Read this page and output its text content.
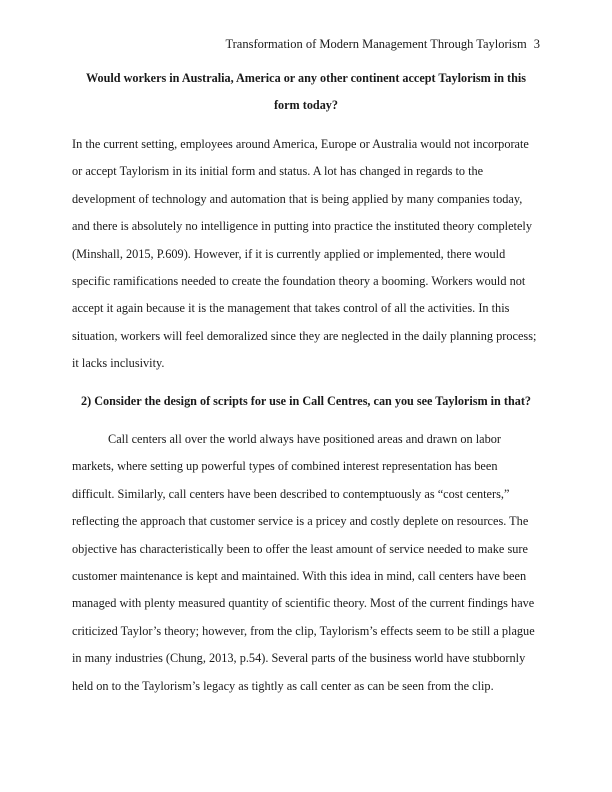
Transformation of Modern Management Through Taylorism 3
Would workers in Australia, America or any other continent accept Taylorism in this form today?

In the current setting, employees around America, Europe or Australia would not incorporate or accept Taylorism in its initial form and status. A lot has changed in regards to the development of technology and automation that is being applied by many companies today, and there is absolutely no intelligence in putting into practice the instituted theory completely (Minshall, 2015, P.609). However, if it is currently applied or implemented, there would specific ramifications needed to create the foundation theory a booming. Workers would not accept it again because it is the management that takes control of all the activities. In this situation, workers will feel demoralized since they are neglected in the daily planning process; it lacks inclusivity.

2) Consider the design of scripts for use in Call Centres, can you see Taylorism in that?

Call centers all over the world always have positioned areas and drawn on labor markets, where setting up powerful types of combined interest representation has been difficult. Similarly, call centers have been described to contemptuously as “cost centers,” reflecting the approach that customer service is a pricey and costly deplete on resources. The objective has characteristically been to offer the least amount of service needed to make sure customer maintenance is kept and maintained. With this idea in mind, call centers have been managed with plenty measured quantity of scientific theory. Most of the current findings have criticized Taylor’s theory; however, from the clip, Taylorism’s effects seem to be still a plague in many industries (Chung, 2013, p.54). Several parts of the business world have stubbornly held on to the Taylorism’s legacy as tightly as call center as can be seen from the clip.
